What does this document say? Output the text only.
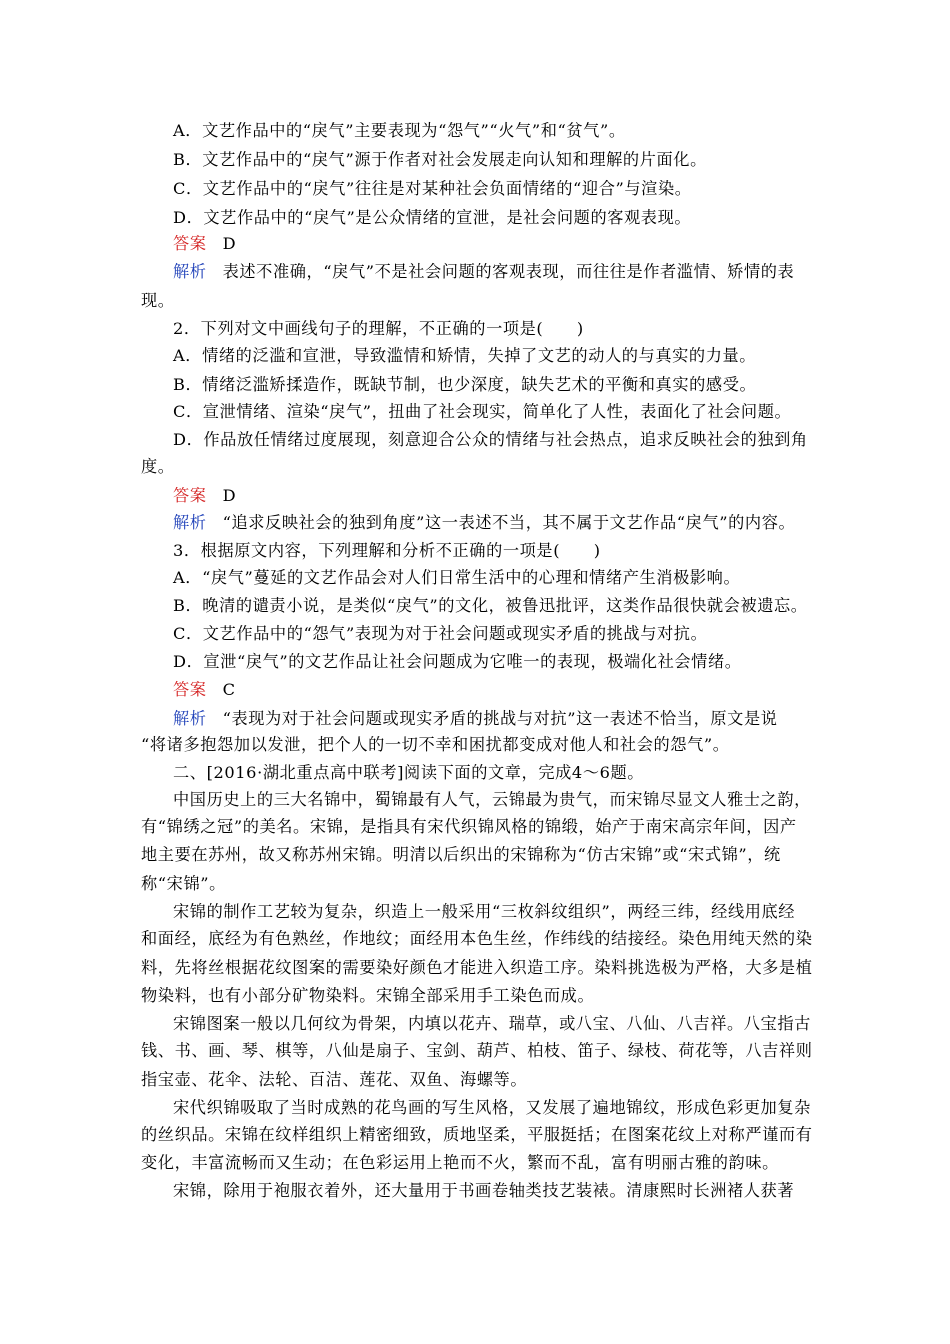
A．文艺作品中的“戾气”主要表现为“怨气”“火气”和“贫气”。
B．文艺作品中的“戾气”源于作者对社会发展走向认知和理解的片面化。
C．文艺作品中的“戾气”往往是对某种社会负面情绪的“迎合”与渲染。
D．文艺作品中的“戾气”是公众情绪的宣泄，是社会问题的客观表现。
答案 D
解析 表述不准确，“戾气”不是社会问题的客观表现，而往往是作者滥情、矫情的表
现。
2．下列对文中画线句子的理解，不正确的一项是(　　)
A．情绪的泛滥和宣泄，导致滥情和矫情，失掉了文艺的动人的与真实的力量。
B．情绪泛滥矫揉造作，既缺节制，也少深度，缺失艺术的平衡和真实的感受。
C．宣泄情绪、渲染“戾气”，扭曲了社会现实，简单化了人性，表面化了社会问题。
D．作品放任情绪过度展现，刻意迎合公众的情绪与社会热点，追求反映社会的独到角
度。
答案 D
解析 “追求反映社会的独到角度”这一表述不当，其不属于文艺作品“戾气”的内容。
3．根据原文内容，下列理解和分析不正确的一项是(　　)
A．“戾气”蔓延的文艺作品会对人们日常生活中的心理和情绪产生消极影响。
B．晚清的谴责小说，是类似“戾气”的文化，被鲁迅批评，这类作品很快就会被遗忘。
C．文艺作品中的“怨气”表现为对于社会问题或现实矛盾的挑战与对抗。
D．宣泄“戾气”的文艺作品让社会问题成为它唯一的表现，极端化社会情绪。
答案 C
解析 “表现为对于社会问题或现实矛盾的挑战与对抗”这一表述不恰当，原文是说
“将诸多抱怨加以发泄，把个人的一切不幸和困扰都变成对他人和社会的怨气”。
二、[2016·湖北重点高中联考]阅读下面的文章，完成4～6题。
中国历史上的三大名锦中，蜀锦最有人气，云锦最为贵气，而宋锦尽显文人雅士之韵，
有“锦绣之冠”的美名。宋锦，是指具有宋代织锦风格的锦缎，始产于南宋高宗年间，因产
地主要在苏州，故又称苏州宋锦。明清以后织出的宋锦称为“仿古宋锦”或“宋式锦”，统
称“宋锦”。
宋锦的制作工艺较为复杂，织造上一般采用“三枚斜纹组织”，两经三纬，经线用底经
和面经，底经为有色熟丝，作地纹；面经用本色生丝，作纬线的结接经。染色用纯天然的染
料，先将丝根据花纹图案的需要染好颜色才能进入织造工序。染料挑选极为严格，大多是植
物染料，也有小部分矿物染料。宋锦全部采用手工染色而成。
宋锦图案一般以几何纹为骨架，内填以花卉、瑞草，或八宝、八仙、八吉祥。八宝指古
钱、书、画、琴、棋等，八仙是扇子、宝剑、葫芦、柏枝、笛子、绿枝、荷花等，八吉祥则
指宝壶、花伞、法轮、百洁、莲花、双鱼、海螺等。
宋代织锦吸取了当时成熟的花鸟画的写生风格，又发展了遍地锦纹，形成色彩更加复杂
的丝织品。宋锦在纹样组织上精密细致，质地坚柔，平服挺括；在图案花纹上对称严谨而有
变化，丰富流畅而又生动；在色彩运用上艳而不火，繁而不乱，富有明丽古雅的韵味。
宋锦，除用于袍服衣着外，还大量用于书画卷轴类技艺装裱。清康熙时长洲褚人获著
